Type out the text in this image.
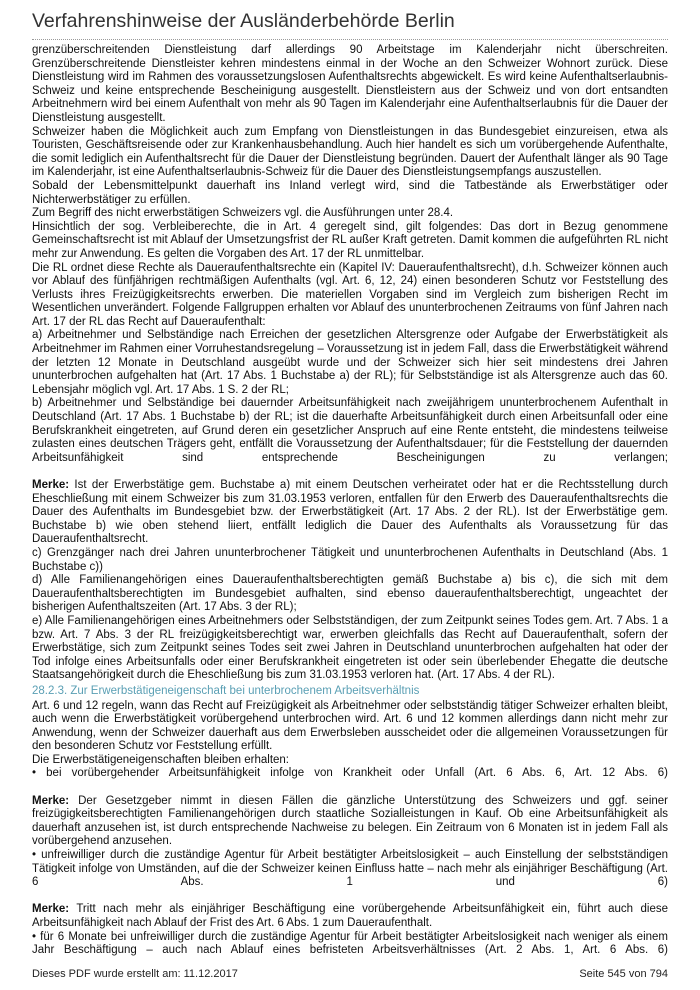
Verfahrenshinweise der Ausländerbehörde Berlin

grenzüberschreitenden Dienstleistung darf allerdings 90 Arbeitstage im Kalenderjahr nicht überschreiten. Grenzüberschreitende Dienstleister kehren mindestens einmal in der Woche an den Schweizer Wohnort zurück. Diese Dienstleistung wird im Rahmen des voraussetzungslosen Aufenthaltsrechts abgewickelt. Es wird keine Aufenthaltserlaubnis-Schweiz und keine entsprechende Bescheinigung ausgestellt. Dienstleistern aus der Schweiz und von dort entsandten Arbeitnehmern wird bei einem Aufenthalt von mehr als 90 Tagen im Kalenderjahr eine Aufenthaltserlaubnis für die Dauer der Dienstleistung ausgestellt.

Schweizer haben die Möglichkeit auch zum Empfang von Dienstleistungen in das Bundesgebiet einzureisen, etwa als Touristen, Geschäftsreisende oder zur Krankenhausbehandlung. Auch hier handelt es sich um vorübergehende Aufenthalte, die somit lediglich ein Aufenthaltsrecht für die Dauer der Dienstleistung begründen. Dauert der Aufenthalt länger als 90 Tage im Kalenderjahr, ist eine Aufenthaltserlaubnis-Schweiz für die Dauer des Dienstleistungsempfangs auszustellen.

Sobald der Lebensmittelpunkt dauerhaft ins Inland verlegt wird, sind die Tatbestände als Erwerbstätiger oder Nichterwerbstätiger zu erfüllen.

Zum Begriff des nicht erwerbstätigen Schweizers vgl. die Ausführungen unter 28.4.

Hinsichtlich der sog. Verbleiberechte, die in Art. 4 geregelt sind, gilt folgendes: Das dort in Bezug genommene Gemeinschaftsrecht ist mit Ablauf der Umsetzungsfrist der RL außer Kraft getreten. Damit kommen die aufgeführten RL nicht mehr zur Anwendung. Es gelten die Vorgaben des Art. 17 der RL unmittelbar.

Die RL ordnet diese Rechte als Daueraufenthaltsrechte ein (Kapitel IV: Daueraufenthaltsrecht), d.h. Schweizer können auch vor Ablauf des fünfjährigen rechtmäßigen Aufenthalts (vgl. Art. 6, 12, 24) einen besonderen Schutz vor Feststellung des Verlusts ihres Freizügigkeitsrechts erwerben. Die materiellen Vorgaben sind im Vergleich zum bisherigen Recht im Wesentlichen unverändert. Folgende Fallgruppen erhalten vor Ablauf des ununterbrochenen Zeitraums von fünf Jahren nach Art. 17 der RL das Recht auf Daueraufenthalt:

a) Arbeitnehmer und Selbständige nach Erreichen der gesetzlichen Altersgrenze oder Aufgabe der Erwerbstätigkeit als Arbeitnehmer im Rahmen einer Vorruhestandsregelung – Voraussetzung ist in jedem Fall, dass die Erwerbstätigkeit während der letzten 12 Monate in Deutschland ausgeübt wurde und der Schweizer sich hier seit mindestens drei Jahren ununterbrochen aufgehalten hat (Art. 17 Abs. 1 Buchstabe a) der RL); für Selbstständige ist als Altersgrenze auch das 60. Lebensjahr möglich vgl. Art. 17 Abs. 1 S. 2 der RL;

b) Arbeitnehmer und Selbständige bei dauernder Arbeitsunfähigkeit nach zweijährigem ununterbrochenem Aufenthalt in Deutschland (Art. 17 Abs. 1 Buchstabe b) der RL; ist die dauerhafte Arbeitsunfähigkeit durch einen Arbeitsunfall oder eine Berufskrankheit eingetreten, auf Grund deren ein gesetzlicher Anspruch auf eine Rente entsteht, die mindestens teilweise zulasten eines deutschen Trägers geht, entfällt die Voraussetzung der Aufenthaltsdauer; für die Feststellung der dauernden Arbeitsunfähigkeit sind entsprechende Bescheinigungen zu verlangen;

Merke: Ist der Erwerbstätige gem. Buchstabe a) mit einem Deutschen verheiratet oder hat er die Rechtsstellung durch Eheschließung mit einem Schweizer bis zum 31.03.1953 verloren, entfallen für den Erwerb des Daueraufenthaltsrechts die Dauer des Aufenthalts im Bundesgebiet bzw. der Erwerbstätigkeit (Art. 17 Abs. 2 der RL). Ist der Erwerbstätige gem. Buchstabe b) wie oben stehend liiert, entfällt lediglich die Dauer des Aufenthalts als Voraussetzung für das Daueraufenthaltsrecht.

c) Grenzgänger nach drei Jahren ununterbrochener Tätigkeit und ununterbrochenen Aufenthalts in Deutschland (Abs. 1 Buchstabe c))

d) Alle Familienangehörigen eines Daueraufenthaltsberechtigten gemäß Buchstabe a) bis c), die sich mit dem Daueraufenthaltsberechtigten im Bundesgebiet aufhalten, sind ebenso daueraufenthaltsberechtigt, ungeachtet der bisherigen Aufenthaltszeiten (Art. 17 Abs. 3 der RL);

e) Alle Familienangehörigen eines Arbeitnehmers oder Selbstständigen, der zum Zeitpunkt seines Todes gem. Art. 7 Abs. 1 a bzw. Art. 7 Abs. 3 der RL freizügigkeitsberechtigt war, erwerben gleichfalls das Recht auf Daueraufenthalt, sofern der Erwerbstätige, sich zum Zeitpunkt seines Todes seit zwei Jahren in Deutschland ununterbrochen aufgehalten hat oder der Tod infolge eines Arbeitsunfalls oder einer Berufskrankheit eingetreten ist oder sein überlebender Ehegatte die deutsche Staatsangehörigkeit durch die Eheschließung bis zum 31.03.1953 verloren hat. (Art. 17 Abs. 4 der RL).

28.2.3. Zur Erwerbstätigeneigenschaft bei unterbrochenem Arbeitsverhältnis

Art. 6 und 12 regeln, wann das Recht auf Freizügigkeit als Arbeitnehmer oder selbstständig tätiger Schweizer erhalten bleibt, auch wenn die Erwerbstätigkeit vorübergehend unterbrochen wird. Art. 6 und 12 kommen allerdings dann nicht mehr zur Anwendung, wenn der Schweizer dauerhaft aus dem Erwerbsleben ausscheidet oder die allgemeinen Voraussetzungen für den besonderen Schutz vor Feststellung erfüllt.

Die Erwerbstätigeneigenschaften bleiben erhalten:

• bei vorübergehender Arbeitsunfähigkeit infolge von Krankheit oder Unfall (Art. 6 Abs. 6, Art. 12 Abs. 6)

Merke: Der Gesetzgeber nimmt in diesen Fällen die gänzliche Unterstützung des Schweizers und ggf. seiner freizügigkeitsberechtigten Familienangehörigen durch staatliche Sozialleistungen in Kauf. Ob eine Arbeitsunfähigkeit als dauerhaft anzusehen ist, ist durch entsprechende Nachweise zu belegen. Ein Zeitraum von 6 Monaten ist in jedem Fall als vorübergehend anzusehen.

• unfreiwilliger durch die zuständige Agentur für Arbeit bestätigter Arbeitslosigkeit – auch Einstellung der selbstständigen Tätigkeit infolge von Umständen, auf die der Schweizer keinen Einfluss hatte – nach mehr als einjähriger Beschäftigung (Art. 6 Abs. 1 und 6)

Merke: Tritt nach mehr als einjähriger Beschäftigung eine vorübergehende Arbeitsunfähigkeit ein, führt auch diese Arbeitsunfähigkeit nach Ablauf der Frist des Art. 6 Abs. 1 zum Daueraufenthalt.

• für 6 Monate bei unfreiwilliger durch die zuständige Agentur für Arbeit bestätigter Arbeitslosigkeit nach weniger als einem Jahr Beschäftigung – auch nach Ablauf eines befristeten Arbeitsverhältnisses (Art. 2 Abs. 1, Art. 6 Abs. 6)

Dieses PDF wurde erstellt am: 11.12.2017	Seite 545 von 794
